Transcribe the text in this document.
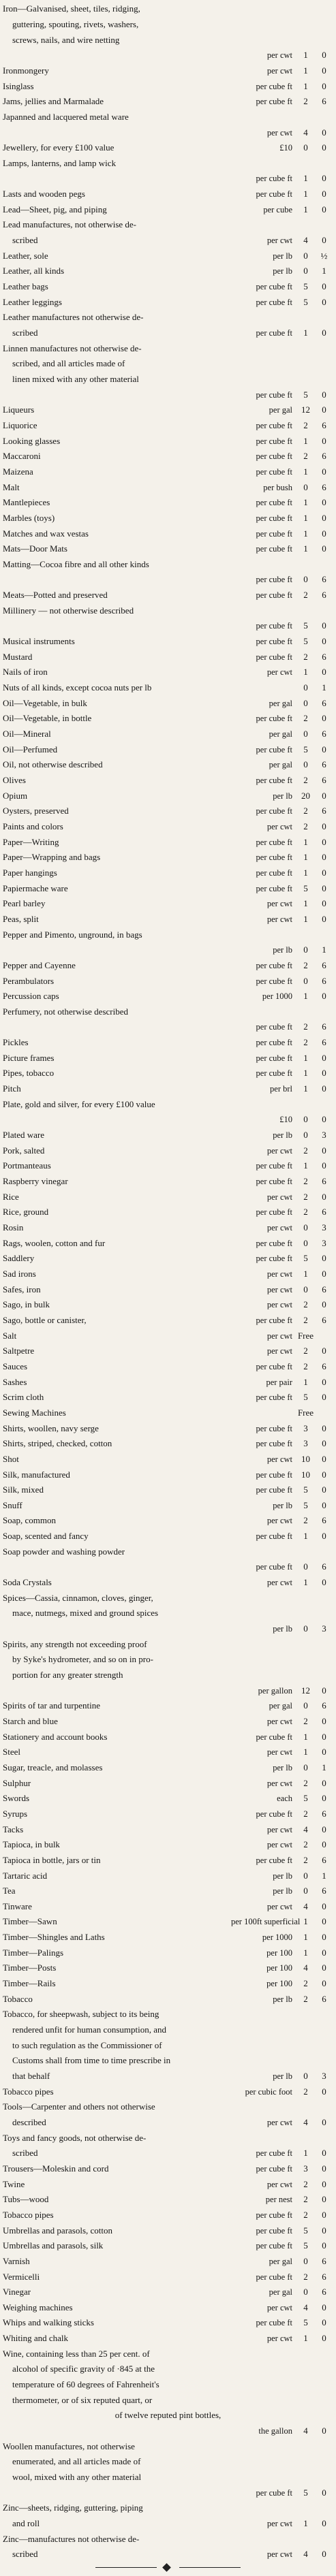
Iron—Galvanised, sheet, tiles, ridging,
guttering, spouting, rivets, washers,
screws, nails, and wire netting
per cwt	1	0
Ironmongery	per cwt	1	0
Isinglass	per cube ft	1	0
Jams, jellies and Marmalade	per cube ft	2	6
Japanned and lacquered metal ware
per cwt	4	0
Jewellery, for every £100 value	£10	0	0
Lamps, lanterns, and lamp wick
per cube ft	1	0
Lasts and wooden pegs	per cube ft	1	0
Lead—Sheet, pig, and piping	per cube	1	0
Lead manufactures, not otherwise de-
scribed	per cwt	4	0
Leather, sole	per lb	0	½
Leather, all kinds	per lb	0	1
Leather bags	per cube ft	5	0
Leather leggings	per cube ft	5	0
Leather manufactures not otherwise de-
scribed	per cube ft	1	0
Linnen manufactures not otherwise de-
scribed, and all articles made of
linen mixed with any other material
per cube ft	5	0
Liqueurs	per gal	12	0
Liquorice	per cube ft	2	6
Looking glasses	per cube ft	1	0
Maccaroni	per cube ft	2	6
Maizena	per cube ft	1	0
Malt	per bush	0	6
Mantlepieces	per cube ft	1	0
Marbles (toys)	per cube ft	1	0
Matches and wax vestas	per cube ft	1	0
Mats—Door Mats	per cube ft	1	0
Matting—Cocoa fibre and all other kinds
per cube ft	0	6
Meats—Potted and preserved	per cube ft	2	6
Millinery — not otherwise described
per cube ft	5	0
Musical instruments	per cube ft	5	0
Mustard	per cube ft	2	6
Nails of iron	per cwt	1	0
Nuts of all kinds, except cocoa nuts per lb	0	1
Oil—Vegetable, in bulk	per gal	0	6
Oil—Vegetable, in bottle	per cube ft	2	0
Oil—Mineral	per gal	0	6
Oil—Perfumed	per cube ft	5	0
Oil, not otherwise described	per gal	0	6
Olives	per cube ft	2	6
Opium	per lb	20	0
Oysters, preserved	per cube ft	2	6
Paints and colors	per cwt	2	0
Paper—Writing	per cube ft	1	0
Paper—Wrapping and bags	per cube ft	1	0
Paper hangings	per cube ft	1	0
Papiermache ware	per cube ft	5	0
Pearl barley	per cwt	1	0
Peas, split	per cwt	1	0
Pepper and Pimento, unground, in bags
per lb	0	1
Pepper and Cayenne	per cube ft	2	6
Perambulators	per cube ft	0	6
Percussion caps	per 1000	1	0
Perfumery, not otherwise described
per cube ft	2	6
Pickles	per cube ft	2	6
Picture frames	per cube ft	1	0
Pipes, tobacco	per cube ft	1	0
Pitch	per brl	1	0
Plate, gold and silver, for every £100 value
£10	0	0
Plated ware	per lb	0	3
Pork, salted	per cwt	2	0
Portmanteaus	per cube ft	1	0
Raspberry vinegar	per cube ft	2	6
Rice	per cwt	2	0
Rice, ground	per cube ft	2	6
Rosin	per cwt	0	3
Rags, woolen, cotton and fur	per cube ft	0	3
Saddlery	per cube ft	5	0
Sad irons	per cwt	1	0
Safes, iron	per cwt	0	6
Sago, in bulk	per cwt	2	0
Sago, bottle or canister,	per cube ft	2	6
Salt	per cwt Free
Saltpetre	per cwt	2	0
Sauces	per cube ft	2	6
Sashes	per pair	1	0
Scrim cloth	per cube ft	5	0
Sewing Machines	Free
Shirts, woollen, navy serge	per cube ft	3	0
Shirts, striped, checked, cotton	per cube ft	3	0
Shot	per cwt	10	0
Silk, manufactured	per cube ft	10	0
Silk, mixed	per cube ft	5	0
Snuff	per lb	5	0
Soap, common	per cwt	2	6
Soap, scented and fancy	per cube ft	1	0
Soap powder and washing powder
per cube ft	0	6
Soda Crystals	per cwt	1	0
Spices—Cassia, cinnamon, cloves, ginger,
mace, nutmegs, mixed and ground spices
per lb	0	3
Spirits, any strength not exceeding proof
by Syke's hydrometer, and so on in pro-
portion for any greater strength
per gallon	12	0
Spirits of tar and turpentine	per gal	0	6
Starch and blue	per cwt	2	0
Stationery and account books	per cube ft	1	0
Steel	per cwt	1	0
Sugar, treacle, and molasses	per lb	0	1
Sulphur	per cwt	2	0
Swords	each	5	0
Syrups	per cube ft	2	6
Tacks	per cwt	4	0
Tapioca, in bulk	per cwt	2	0
Tapioca in bottle, jars or tin	per cube ft	2	6
Tartaric acid	per lb	0	1
Tea	per lb	0	6
Tinware	per cwt	4	0
Timber—Sawn	per 100ft superficial 1	0
Timber—Shingles and Laths	per 1000	1	0
Timber—Palings	per 100	1	0
Timber—Posts	per 100	4	0
Timber—Rails	per 100	2	0
Tobacco	per lb	2	6
Tobacco, for sheepwash, subject to its being
rendered unfit for human consumption, and
to such regulation as the Commissioner of
Customs shall from time to time prescribe in
that behalf	per lb	0	3
Tobacco pipes	per cubic foot	2	0
Tools—Carpenter and others not otherwise
described	per cwt	4	0
Toys and fancy goods, not otherwise de-
scribed	per cube ft	1	0
Trousers—Moleskin and cord	per cube ft	3	0
Twine	per cwt	2	0
Tubs—wood	per nest	2	0
Tobacco pipes	per cube ft	2	0
Umbrellas and parasols, cotton	per cube ft	5	0
Umbrellas and parasols, silk	per cube ft	5	0
Varnish	per gal	0	6
Vermicelli	per cube ft	2	6
Vinegar	per gal	0	6
Weighing machines	per cwt	4	0
Whips and walking sticks	per cube ft	5	0
Whiting and chalk	per cwt	1	0
Wine, containing less than 25 per cent. of
alcohol of specific gravity of ·845 at the
temperature of 60 degrees of Fahrenheit's
thermometer, or of six reputed quart, or
of twelve reputed pint bottles,
the gallon	4	0
Woollen manufactures, not otherwise
enumerated, and all articles made of
wool, mixed with any other material
per cube ft	5	0
Zinc—sheets, ridging, guttering, piping
and roll	per cwt	1	0
Zinc—manufactures not otherwise de-
scribed	per cwt	4	0
